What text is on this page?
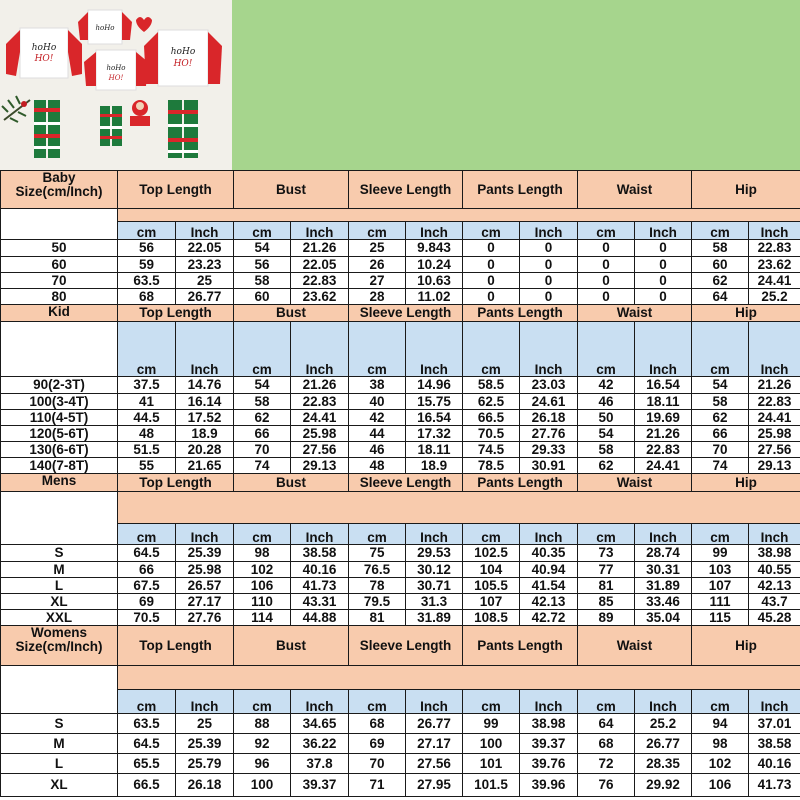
hoHo
HO!
hoHo
hoHo
HO!
hoHo
HO!
Baby
Size(cm/Inch)	Top Length		Bust		Sleeve Length		Pants Length		Waist		Hip	

	cm	Inch	cm	Inch	cm	Inch	cm	Inch	cm	Inch	cm	Inch
50	56	22.05	54	21.26	25	9.843	0	0	0	0	58	22.83
60	59	23.23	56	22.05	26	10.24	0	0	0	0	60	23.62
70	63.5	25	58	22.83	27	10.63	0	0	0	0	62	24.41
80	68	26.77	60	23.62	28	11.02	0	0	0	0	64	25.2
Kid	Top Length		Bust		Sleeve Length		Pants Length		Waist		Hip	
	cm	Inch	cm	Inch	cm	Inch	cm	Inch	cm	Inch	cm	Inch
90(2-3T)	37.5	14.76	54	21.26	38	14.96	58.5	23.03	42	16.54	54	21.26
100(3-4T)	41	16.14	58	22.83	40	15.75	62.5	24.61	46	18.11	58	22.83
110(4-5T)	44.5	17.52	62	24.41	42	16.54	66.5	26.18	50	19.69	62	24.41
120(5-6T)	48	18.9	66	25.98	44	17.32	70.5	27.76	54	21.26	66	25.98
130(6-6T)	51.5	20.28	70	27.56	46	18.11	74.5	29.33	58	22.83	70	27.56
140(7-8T)	55	21.65	74	29.13	48	18.9	78.5	30.91	62	24.41	74	29.13
Mens	Top Length		Bust		Sleeve Length		Pants Length		Waist		Hip	

	cm	Inch	cm	Inch	cm	Inch	cm	Inch	cm	Inch	cm	Inch
S	64.5	25.39	98	38.58	75	29.53	102.5	40.35	73	28.74	99	38.98
M	66	25.98	102	40.16	76.5	30.12	104	40.94	77	30.31	103	40.55
L	67.5	26.57	106	41.73	78	30.71	105.5	41.54	81	31.89	107	42.13
XL	69	27.17	110	43.31	79.5	31.3	107	42.13	85	33.46	111	43.7
XXL	70.5	27.76	114	44.88	81	31.89	108.5	42.72	89	35.04	115	45.28
Womens
Size(cm/Inch)	Top Length		Bust		Sleeve Length		Pants Length		Waist		Hip	

	cm	Inch	cm	Inch	cm	Inch	cm	Inch	cm	Inch	cm	Inch
S	63.5	25	88	34.65	68	26.77	99	38.98	64	25.2	94	37.01
M	64.5	25.39	92	36.22	69	27.17	100	39.37	68	26.77	98	38.58
L	65.5	25.79	96	37.8	70	27.56	101	39.76	72	28.35	102	40.16
XL	66.5	26.18	100	39.37	71	27.95	101.5	39.96	76	29.92	106	41.73
